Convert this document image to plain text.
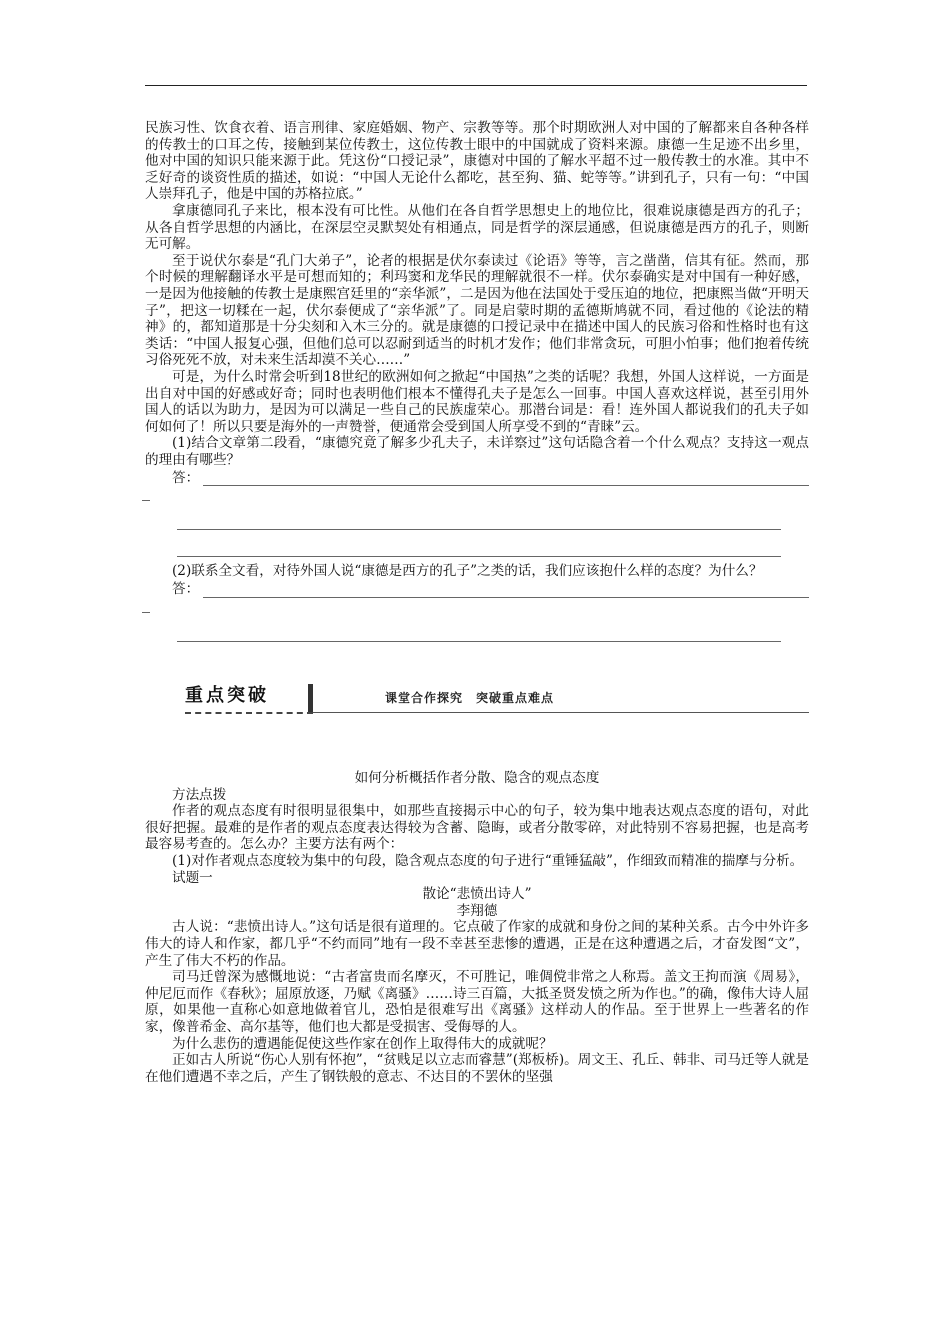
民族习性、饮食衣着、语言刑律、家庭婚姻、物产、宗教等等。那个时期欧洲人对中国的了解都来自各种各样的传教士的口耳之传，接触到某位传教士，这位传教士眼中的中国就成了资料来源。康德一生足迹不出乡里，他对中国的知识只能来源于此。凭这份“口授记录”，康德对中国的了解水平超不过一般传教士的水准。其中不乏好奇的谈资性质的描述，如说：“中国人无论什么都吃，甚至狗、猫、蛇等等。”讲到孔子，只有一句：“中国人崇拜孔子，他是中国的苏格拉底。”

拿康德同孔子来比，根本没有可比性。从他们在各自哲学思想史上的地位比，很难说康德是西方的孔子；从各自哲学思想的内涵比，在深层空灵默契处有相通点，同是哲学的深层通感，但说康德是西方的孔子，则断无可解。

至于说伏尔泰是“孔门大弟子”，论者的根据是伏尔泰读过《论语》等等，言之凿凿，信其有征。然而，那个时候的理解翻译水平是可想而知的；利玛窦和龙华民的理解就很不一样。伏尔泰确实是对中国有一种好感，一是因为他接触的传教士是康熙宫廷里的“亲华派”，二是因为他在法国处于受压迫的地位，把康熙当做“开明天子”，把这一切糅在一起，伏尔泰便成了“亲华派”了。同是启蒙时期的孟德斯鸠就不同，看过他的《论法的精神》的，都知道那是十分尖刻和入木三分的。就是康德的口授记录中在描述中国人的民族习俗和性格时也有这类话：“中国人报复心强，但他们总可以忍耐到适当的时机才发作；他们非常贪玩，可胆小怕事；他们抱着传统习俗死死不放，对未来生活却漠不关心……”

可是，为什么时常会听到18世纪的欧洲如何之掀起“中国热”之类的话呢？我想，外国人这样说，一方面是出自对中国的好感或好奇；同时也表明他们根本不懂得孔夫子是怎么一回事。中国人喜欢这样说，甚至引用外国人的话以为助力，是因为可以满足一些自己的民族虚荣心。那潜台词是：看！连外国人都说我们的孔夫子如何如何了！所以只要是海外的一声赞誉，便通常会受到国人所享受不到的“青睐”云。

(1)结合文章第二段看，“康德究竟了解多少孔夫子，未详察过”这句话隐含着一个什么观点？支持这一观点的理由有哪些？

答：

(2)联系全文看，对待外国人说“康德是西方的孔子”之类的话，我们应该抱什么样的态度？为什么？

答：
重点突破	课堂合作探究　突破重点难点

如何分析概括作者分散、隐含的观点态度

方法点拨

作者的观点态度有时很明显很集中，如那些直接揭示中心的句子，较为集中地表达观点态度的语句，对此很好把握。最难的是作者的观点态度表达得较为含蓄、隐晦，或者分散零碎，对此特别不容易把握，也是高考最容易考查的。怎么办？主要方法有两个：

(1)对作者观点态度较为集中的句段，隐含观点态度的句子进行“重锤猛敲”，作细致而精准的揣摩与分析。

试题一

散论“悲愤出诗人”

李翔德

古人说：“悲愤出诗人。”这句话是很有道理的。它点破了作家的成就和身份之间的某种关系。古今中外许多伟大的诗人和作家，都几乎“不约而同”地有一段不幸甚至悲惨的遭遇，正是在这种遭遇之后，才奋发图“文”，产生了伟大不朽的作品。

司马迁曾深为感慨地说：“古者富贵而名摩灭，不可胜记，唯倜傥非常之人称焉。盖文王拘而演《周易》，仲尼厄而作《春秋》；屈原放逐，乃赋《离骚》……诗三百篇，大抵圣贤发愤之所为作也。”的确，像伟大诗人屈原，如果他一直称心如意地做着官儿，恐怕是很难写出《离骚》这样动人的作品。至于世界上一些著名的作家，像普希金、高尔基等，他们也大都是受损害、受侮辱的人。

为什么悲伤的遭遇能促使这些作家在创作上取得伟大的成就呢？

正如古人所说“伤心人别有怀抱”，“贫贱足以立志而睿慧”(郑板桥)。周文王、孔丘、韩非、司马迁等人就是在他们遭遇不幸之后，产生了钢铁般的意志、不达目的不罢休的坚强
